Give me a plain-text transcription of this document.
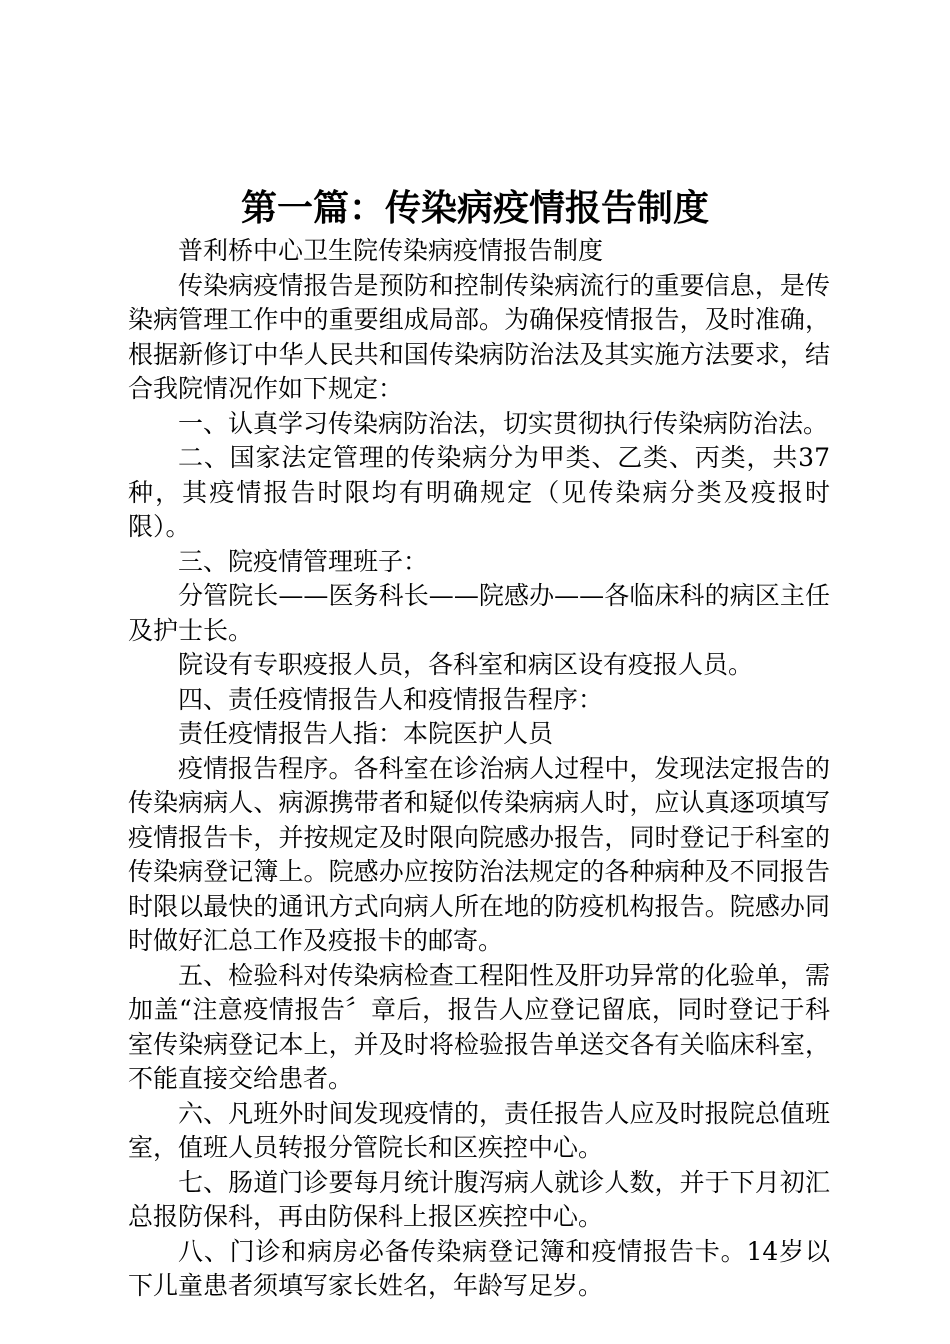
第一篇：传染病疫情报告制度

普利桥中心卫生院传染病疫情报告制度

传染病疫情报告是预防和控制传染病流行的重要信息，是传染病管理工作中的重要组成局部。为确保疫情报告，及时准确，根据新修订中华人民共和国传染病防治法及其实施方法要求，结合我院情况作如下规定：

一、认真学习传染病防治法，切实贯彻执行传染病防治法。

二、国家法定管理的传染病分为甲类、乙类、丙类，共37种，其疫情报告时限均有明确规定（见传染病分类及疫报时限）。

三、院疫情管理班子：

分管院长——医务科长——院感办——各临床科的病区主任及护士长。

院设有专职疫报人员，各科室和病区设有疫报人员。

四、责任疫情报告人和疫情报告程序：

责任疫情报告人指：本院医护人员

疫情报告程序。各科室在诊治病人过程中，发现法定报告的传染病病人、病源携带者和疑似传染病病人时，应认真逐项填写疫情报告卡，并按规定及时限向院感办报告，同时登记于科室的传染病登记簿上。院感办应按防治法规定的各种病种及不同报告时限以最快的通讯方式向病人所在地的防疫机构报告。院感办同时做好汇总工作及疫报卡的邮寄。

五、检验科对传染病检查工程阳性及肝功异常的化验单，需加盖“注意疫情报告〞章后，报告人应登记留底，同时登记于科室传染病登记本上，并及时将检验报告单送交各有关临床科室，不能直接交给患者。

六、凡班外时间发现疫情的，责任报告人应及时报院总值班室，值班人员转报分管院长和区疾控中心。

七、肠道门诊要每月统计腹泻病人就诊人数，并于下月初汇总报防保科，再由防保科上报区疾控中心。

八、门诊和病房必备传染病登记簿和疫情报告卡。14岁以下儿童患者须填写家长姓名，年龄写足岁。
